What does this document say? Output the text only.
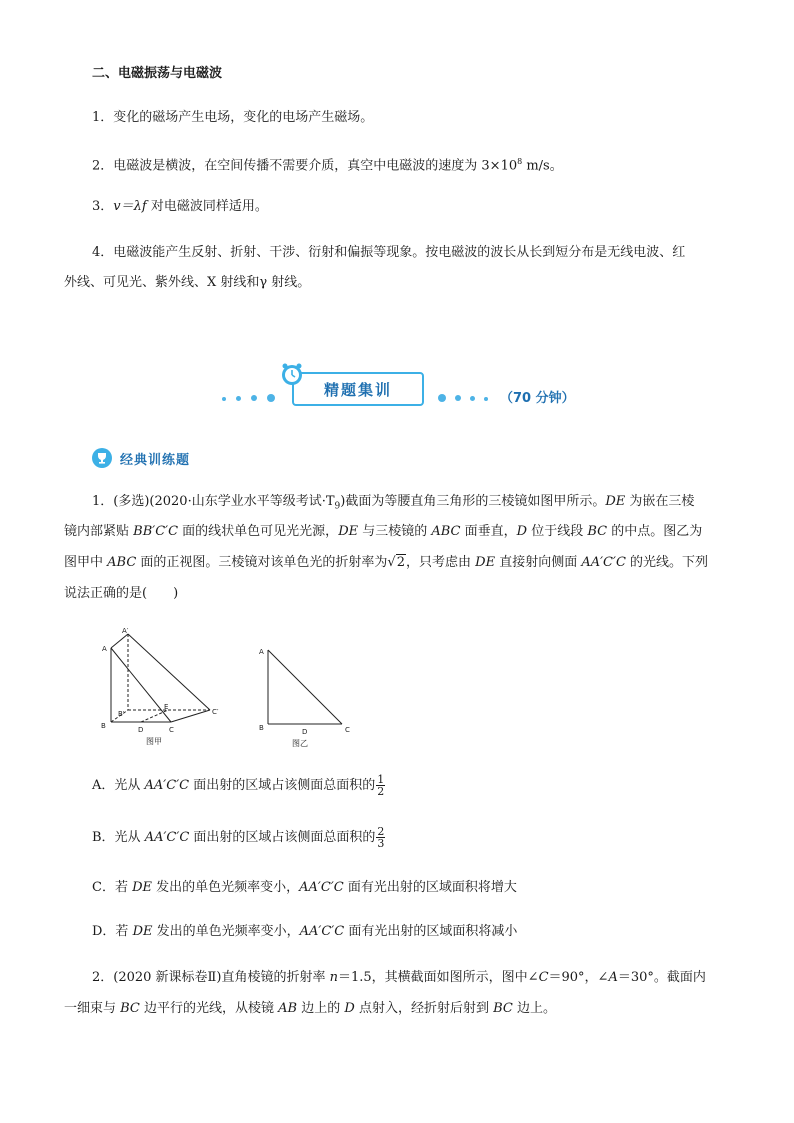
二、电磁振荡与电磁波
1．变化的磁场产生电场，变化的电场产生磁场。
2．电磁波是横波，在空间传播不需要介质，真空中电磁波的速度为 $3\times 10^8$ m/s。
3．v＝λf 对电磁波同样适用。
4．电磁波能产生反射、折射、干涉、衍射和偏振等现象。按电磁波的波长从长到短分布是无线电波、红
外线、可见光、紫外线、X 射线和γ 射线。
精题集训	（70 分钟）
经典训练题
1．(多选)(2020·山东学业水平等级考试$\cdot T_9$)截面为等腰直角三角形的三棱镜如图甲所示。DE 为嵌在三棱
镜内部紧贴 BB′C′C 面的线状单色可见光光源，DE 与三棱镜的 ABC 面垂直，D 位于线段 BC 的中点。图乙为
图甲中 ABC 面的正视图。三棱镜对该单色光的折射率为√2，只考虑由 DE 直接射向侧面 AA′C′C 的光线。下列
说法正确的是(　　)
A′
A
B′
E
C′
B	D	C
图甲
A
B	D	C
图乙
A．光从 AA′C′C 面出射的区域占该侧面总面积的 $\frac{1}{2}$
B．光从 AA′C′C 面出射的区域占该侧面总面积的 $\frac{2}{3}$
C．若 DE 发出的单色光频率变小，AA′C′C 面有光出射的区域面积将增大
D．若 DE 发出的单色光频率变小，AA′C′C 面有光出射的区域面积将减小
2．(2020 新课标卷Ⅱ)直角棱镜的折射率 n＝1.5，其横截面如图所示，图中∠C＝90°，∠A＝30°。截面内
一细束与 BC 边平行的光线，从棱镜 AB 边上的 D 点射入，经折射后射到 BC 边上。
